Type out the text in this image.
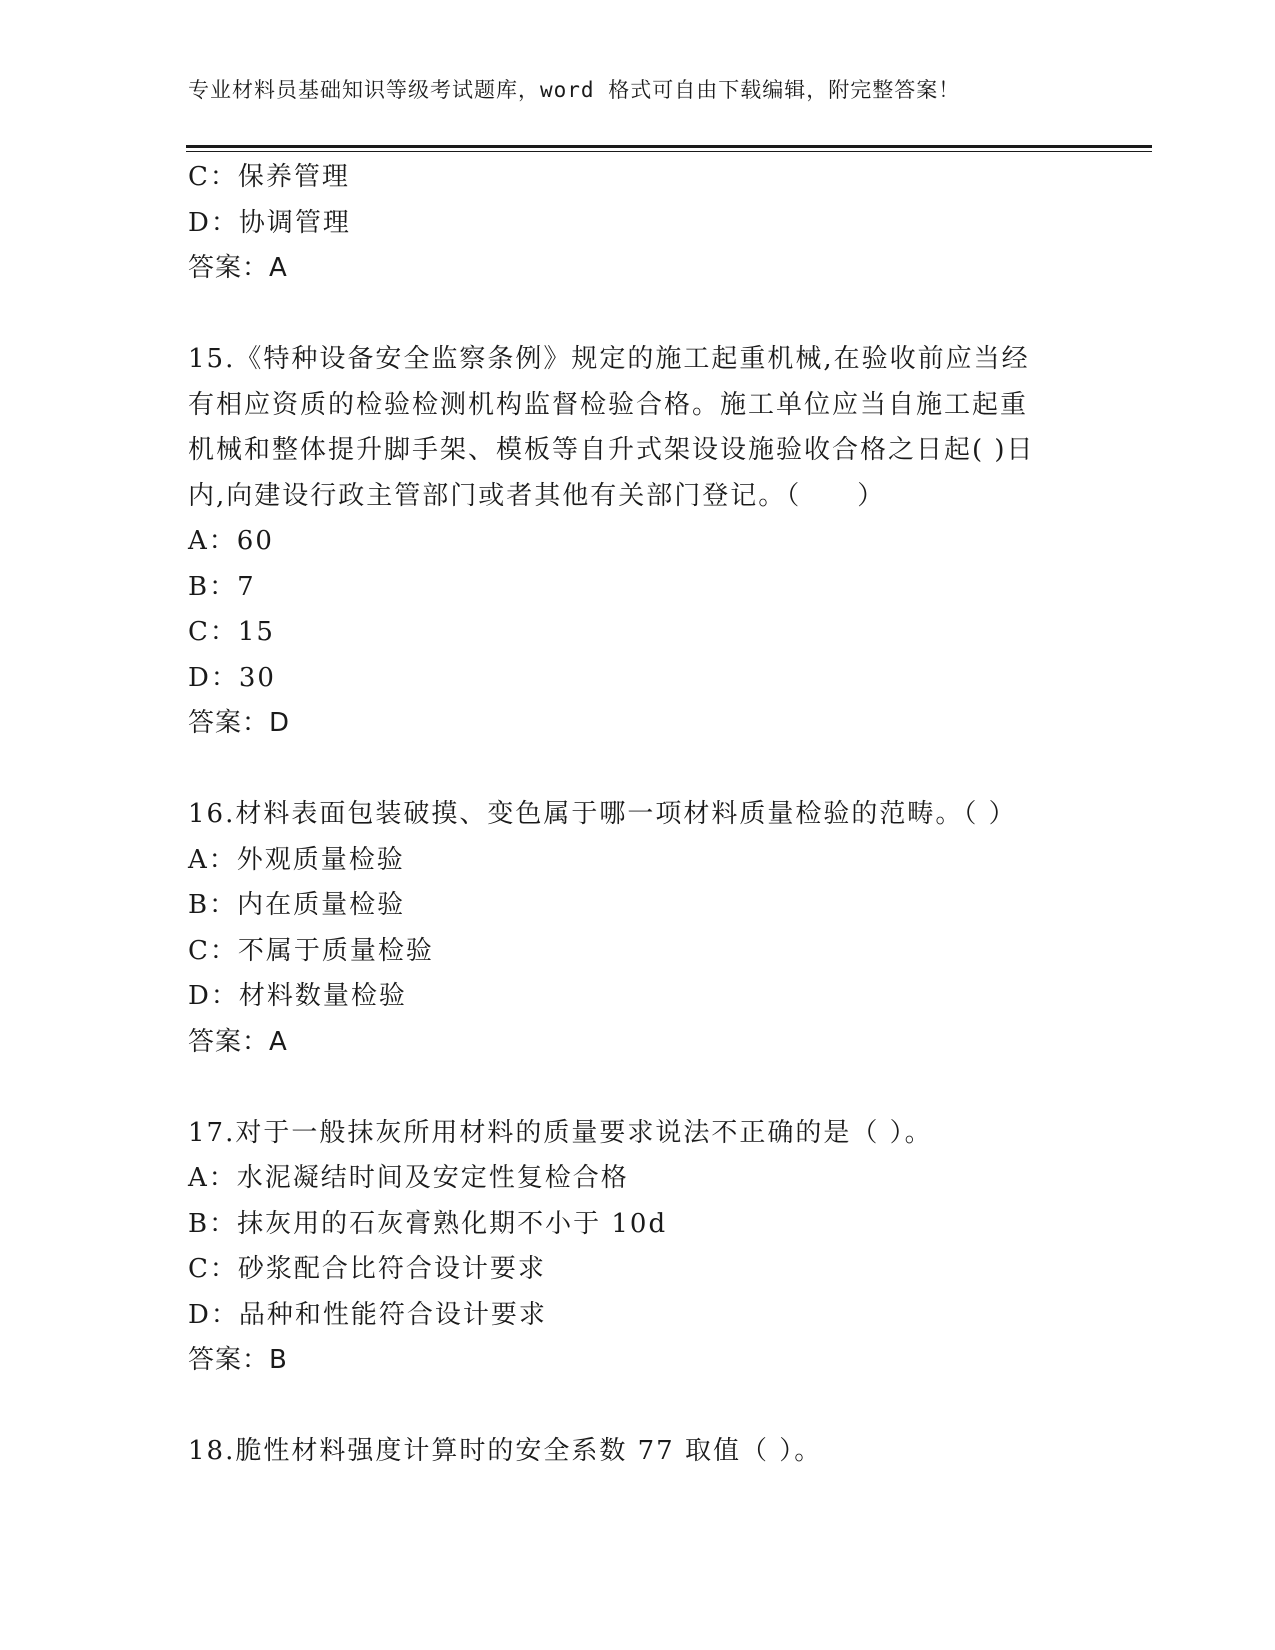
专业材料员基础知识等级考试题库，word 格式可自由下载编辑，附完整答案！
C：保养管理
D：协调管理
答案：A
15.《特种设备安全监察条例》规定的施工起重机械,在验收前应当经
有相应资质的检验检测机构监督检验合格。施工单位应当自施工起重
机械和整体提升脚手架、模板等自升式架设设施验收合格之日起( )日
内,向建设行政主管部门或者其他有关部门登记。（　　）
A：60
B：7
C：15
D：30
答案：D
16.材料表面包装破摸、变色属于哪一项材料质量检验的范畴。（ ）
A：外观质量检验
B：内在质量检验
C：不属于质量检验
D：材料数量检验
答案：A
17.对于一般抹灰所用材料的质量要求说法不正确的是（ ）。
A：水泥凝结时间及安定性复检合格
B：抹灰用的石灰膏熟化期不小于 10d
C：砂浆配合比符合设计要求
D：品种和性能符合设计要求
答案：B
18.脆性材料强度计算时的安全系数 77 取值（ ）。
